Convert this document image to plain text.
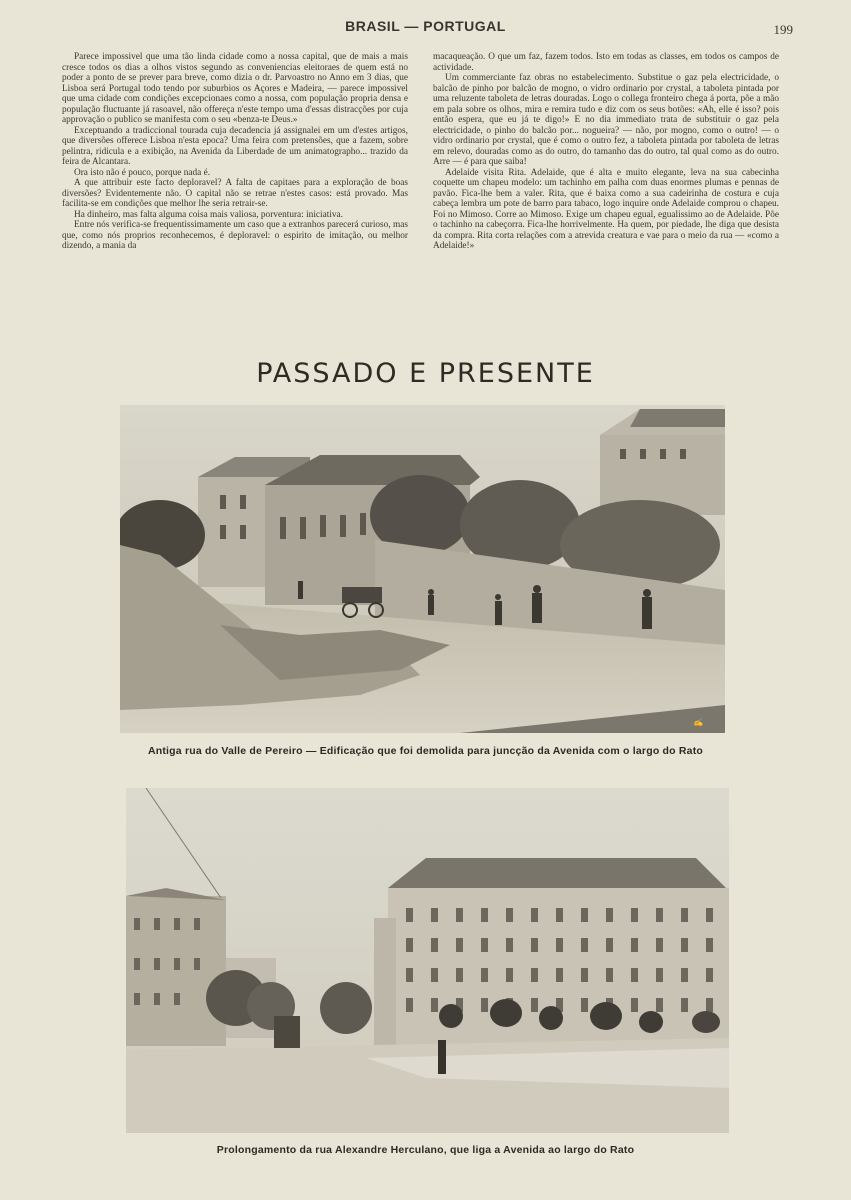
BRASIL — PORTUGAL	199

Parece impossivel que uma tão linda cidade como a nossa capital, que de mais a mais cresce todos os dias a olhos vistos segundo as conveniencias eleitoraes de quem está no poder a ponto de se prever para breve, como dizia o dr. Parvoastro no Anno em 3 dias, que Lisboa será Portugal todo tendo por suburbios os Açores e Madeira, — parece impossivel que uma cidade com condições excepcionaes como a nossa, com população propria densa e população fluctuante já rasoavel, não offereça n'este tempo uma d'essas distracções por cuja approvação o publico se manifesta com o seu «benza-te Deus.»

Exceptuando a tradiccional tourada cuja decadencia já assignalei em um d'estes artigos, que diversões offerece Lisboa n'esta epoca? Uma feira com pretensões, que a fazem, sobre pelintra, ridicula e a exibição, na Avenida da Liberdade de um animatographo... trazido da feira de Alcantara.

Ora isto não é pouco, porque nada é.

A que attribuir este facto deploravel? A falta de capitaes para a exploração de boas diversões? Evidentemente não. O capital não se retrae n'estes casos: está provado. Mas facilita-se em condições que melhor lhe seria retrair-se.

Ha dinheiro, mas falta alguma coisa mais valiosa, porventura: iniciativa.

Entre nós verifica-se frequentissimamente um caso que a extranhos parecerá curioso, mas que, como nós proprios reconhecemos, é deploravel: o espirito de imitação, ou melhor dizendo, a mania da

macaqueação. O que um faz, fazem todos. Isto em todas as classes, em todos os campos de actividade.

Um commerciante faz obras no estabelecimento. Substitue o gaz pela electricidade, o balcão de pinho por balcão de mogno, o vidro ordinario por crystal, a taboleta pintada por uma reluzente taboleta de letras douradas. Logo o collega fronteiro chega á porta, põe a mão em pala sobre os olhos, mira e remira tudo e diz com os seus botões: «Ah, elle é isso? pois então espera, que eu já te digo!» E no dia immediato trata de substituir o gaz pela electricidade, o pinho do balcão por... nogueira? — não, por mogno, como o outro! — o vidro ordinario por crystal, que é como o outro fez, a taboleta pintada por taboleta de letras em relevo, douradas como as do outro, do tamanho das do outro, tal qual como as do outro. Arre — é para que saiba!

Adelaide visita Rita. Adelaide, que é alta e muito elegante, leva na sua cabecinha coquette um chapeu modelo: um tachinho em palha com duas enormes plumas e pennas de pavão. Fica-lhe bem a valer. Rita, que é baixa como a sua cadeirinha de costura e cuja cabeça lembra um pote de barro para tabaco, logo inquire onde Adelaide comprou o chapeu. Foi no Mimoso. Corre ao Mimoso. Exige um chapeu egual, egualissimo ao de Adelaide. Põe o tachinho na cabeçorra. Fica-lhe horrivelmente. Ha quem, por piedade, lhe diga que desista da compra. Rita corta relações com a atrevida creatura e vae para o meio da rua — «como a Adelaide!»

PASSADO E PRESENTE
✍
Antiga rua do Valle de Pereiro — Edificação que foi demolida para juncção da Avenida com o largo do Rato
Prolongamento da rua Alexandre Herculano, que liga a Avenida ao largo do Rato
